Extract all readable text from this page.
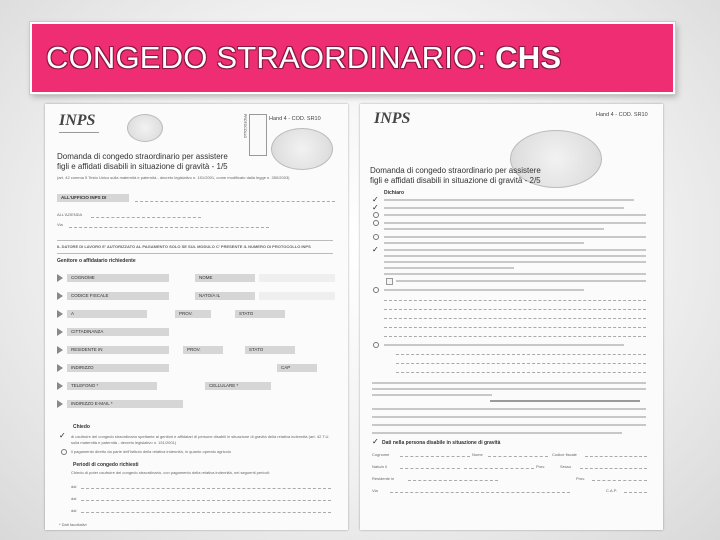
CONGEDO STRAORDINARIO: CHS
INPS	Hand 4 - COD. SR10
PROTOCOLLO
Domanda di congedo straordinario per assistere
figli e affidati disabili in situazione di gravità - 1/5
(art. 42 comma 5 Testo Unico sulla maternità e paternità - decreto legislativo n. 151/2001, come modificato dalla legge n. 350/2003)
ALL'UFFICIO INPS DI
ALL'AZIENDA
Via
IL DATORE DI LAVORO E' AUTORIZZATO AL PAGAMENTO SOLO SE SUL MODULO C' PRESENTE IL NUMERO DI PROTOCOLLO INPS
Genitore o affidatario richiedente
COGNOME	NOME
CODICE FISCALE	NATO/A IL
A	PROV.	STATO
CITTADINANZA
RESIDENTE IN	PROV.	STATO
INDIRIZZO	CAP
TELEFONO *	CELLULARE *
INDIRIZZO E-MAIL *
Chiedo
✓ di usufruire del congedo straordinario spettante ai genitori e affidatari di persone disabili in situazione di gravità della relativa indennità (art. 42 T.U. sulla maternità e paternità - decreto legislativo n. 151/2001)
il pagamento diretto da parte dell'Istituto della relativa indennità, in quanto operaio agricolo
Periodi di congedo richiesti
Chiedo di poter usufruire del congedo straordinario, con pagamento della relativa indennità, nei seguenti periodi:
dal
dal
dal
* Dati facoltativi
INPS	Hand 4 - COD. SR10
Domanda di congedo straordinario per assistere
figli e affidati disabili in situazione di gravità - 2/5
Dichiaro
✓
✓
✓
Dati nella persona disabile in situazione di gravità
✓
Cognome	Nome	Codice fiscale
Nato/a il	Prov.	Sesso
Residente in	Prov.
Via	C.A.P.
